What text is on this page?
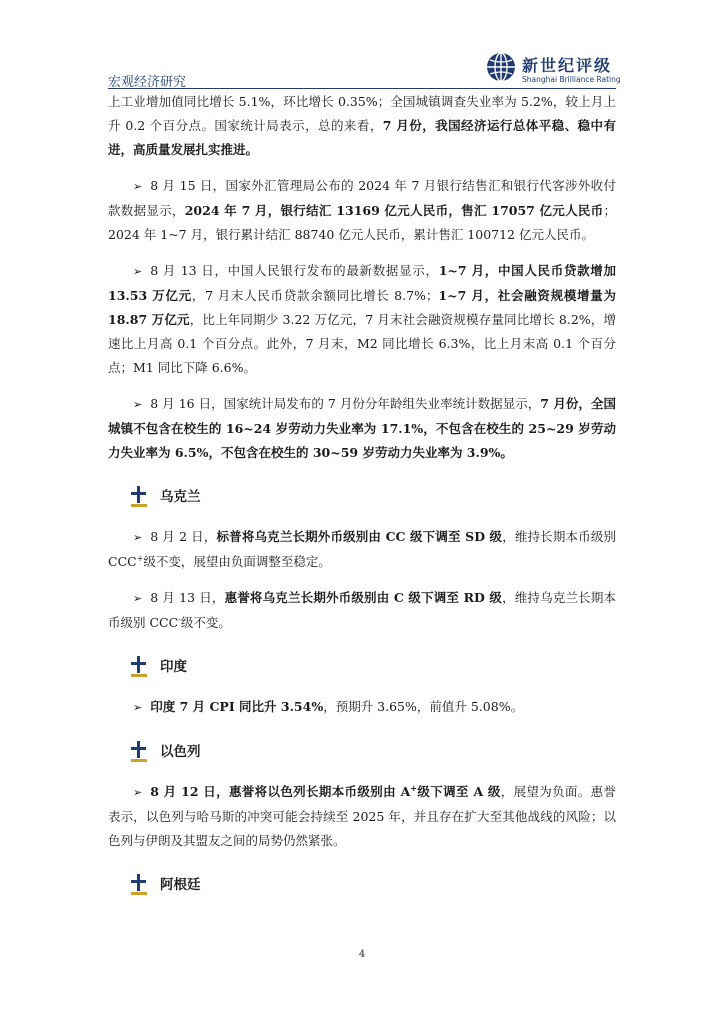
宏观经济研究
新世纪评级
Shanghai Brilliance Rating

上工业增加值同比增长 5.1%，环比增长 0.35%；全国城镇调查失业率为 5.2%，较上月上升 0.2 个百分点。国家统计局表示，总的来看，7 月份，我国经济运行总体平稳、稳中有进，高质量发展扎实推进。

➢ 8 月 15 日，国家外汇管理局公布的 2024 年 7 月银行结售汇和银行代客涉外收付款数据显示，2024 年 7 月，银行结汇 13169 亿元人民币，售汇 17057 亿元人民币；2024 年 1~7 月，银行累计结汇 88740 亿元人民币，累计售汇 100712 亿元人民币。

➢ 8 月 13 日，中国人民银行发布的最新数据显示，1~7 月，中国人民币贷款增加 13.53 万亿元，7 月末人民币贷款余额同比增长 8.7%；1~7 月，社会融资规模增量为 18.87 万亿元，比上年同期少 3.22 万亿元，7 月末社会融资规模存量同比增长 8.2%，增速比上月高 0.1 个百分点。此外，7 月末，M2 同比增长 6.3%，比上月末高 0.1 个百分点；M1 同比下降 6.6%。

➢ 8 月 16 日，国家统计局发布的 7 月份分年龄组失业率统计数据显示，7 月份，全国城镇不包含在校生的 16~24 岁劳动力失业率为 17.1%，不包含在校生的 25~29 岁劳动力失业率为 6.5%，不包含在校生的 30~59 岁劳动力失业率为 3.9%。

乌克兰

➢ 8 月 2 日，标普将乌克兰长期外币级别由 CC 级下调至 SD 级，维持长期本币级别 CCC+级不变，展望由负面调整至稳定。

➢ 8 月 13 日，惠誉将乌克兰长期外币级别由 C 级下调至 RD 级，维持乌克兰长期本币级别 CCC-级不变。

印度

➢ 印度 7 月 CPI 同比升 3.54%，预期升 3.65%，前值升 5.08%。

以色列

➢ 8 月 12 日，惠誉将以色列长期本币级别由 A+级下调至 A 级，展望为负面。惠誉表示，以色列与哈马斯的冲突可能会持续至 2025 年，并且存在扩大至其他战线的风险；以色列与伊朗及其盟友之间的局势仍然紧张。

阿根廷
4
